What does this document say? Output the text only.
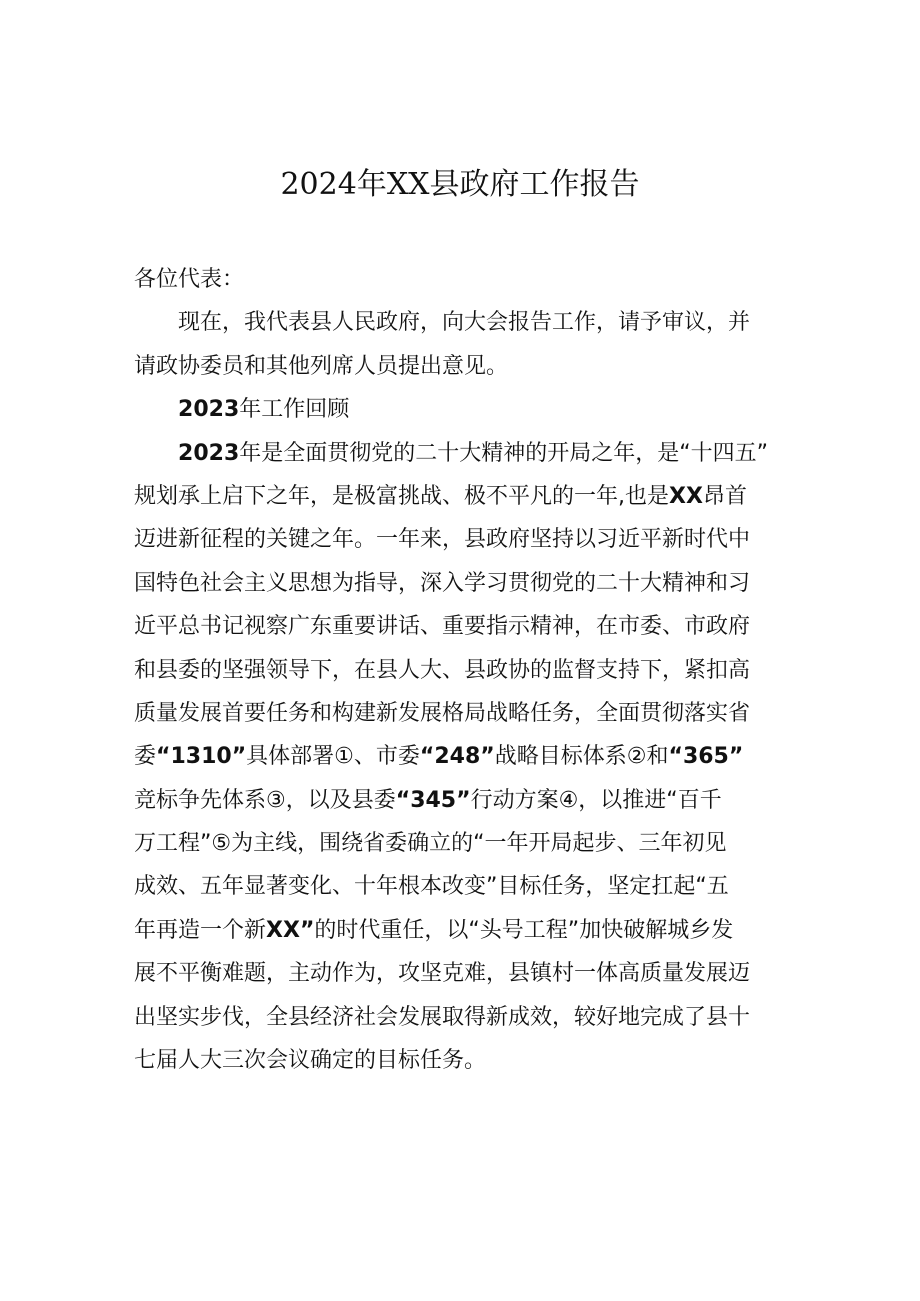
2024年XX县政府工作报告
各位代表：
　　现在，我代表县人民政府，向大会报告工作，请予审议，并
请政协委员和其他列席人员提出意见。
　　2023年工作回顾
　　2023年是全面贯彻党的二十大精神的开局之年，是“十四五”
规划承上启下之年，是极富挑战、极不平凡的一年,也是XX昂首
迈进新征程的关键之年。一年来，县政府坚持以习近平新时代中
国特色社会主义思想为指导，深入学习贯彻党的二十大精神和习
近平总书记视察广东重要讲话、重要指示精神，在市委、市政府
和县委的坚强领导下，在县人大、县政协的监督支持下，紧扣高
质量发展首要任务和构建新发展格局战略任务，全面贯彻落实省
委“1310”具体部署①、市委“248”战略目标体系②和“365”
竞标争先体系③，以及县委“345”行动方案④，以推进“百千
万工程”⑤为主线，围绕省委确立的“一年开局起步、三年初见
成效、五年显著变化、十年根本改变”目标任务，坚定扛起“五
年再造一个新XX”的时代重任，以“头号工程”加快破解城乡发
展不平衡难题，主动作为，攻坚克难，县镇村一体高质量发展迈
出坚实步伐，全县经济社会发展取得新成效，较好地完成了县十
七届人大三次会议确定的目标任务。
